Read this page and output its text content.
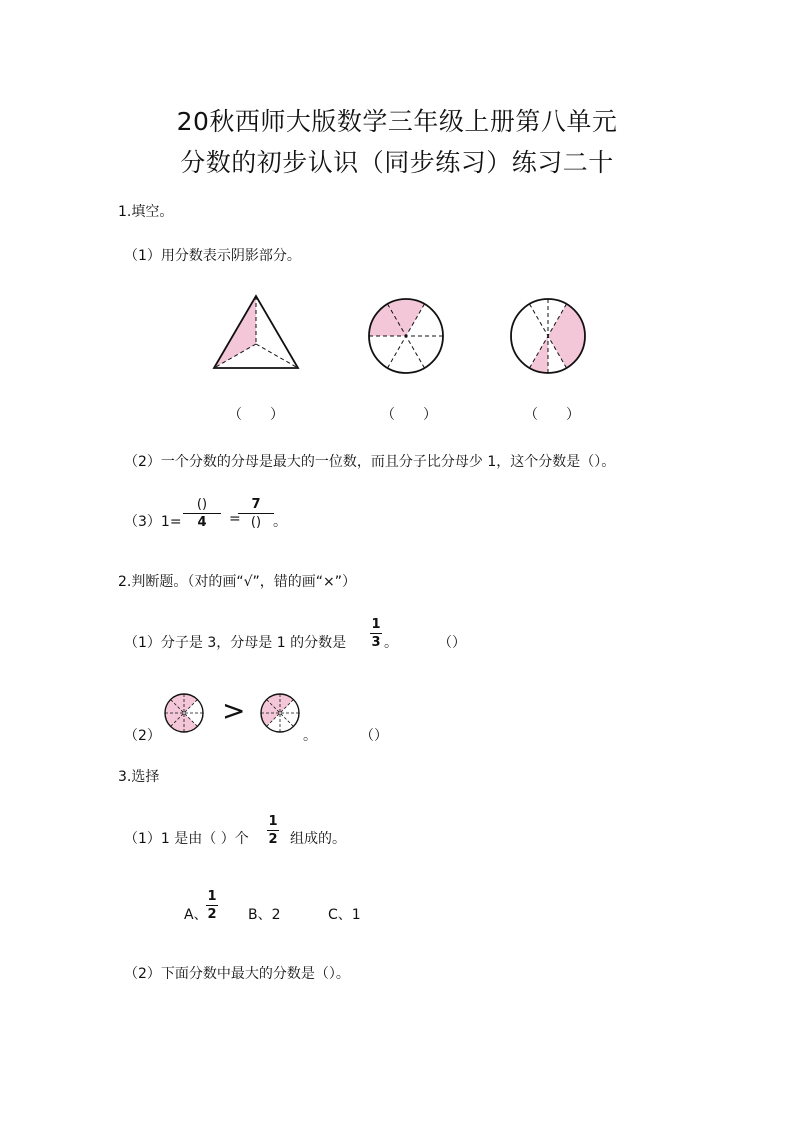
20秋西师大版数学三年级上册第八单元
分数的初步认识（同步练习）练习二十
1.填空。
（1）用分数表示阴影部分。
（　　）	（　　）	（　　）
（2）一个分数的分母是最大的一位数，而且分子比分母少 1，这个分数是（）。
（3）1=
()
4 =
7
() 。
2.判断题。（对的画“√”，错的画“×”）
（1）分子是 3，分母是 1 的分数是
1
3 。	（）
（2）
>
。	（）
3.选择
（1）1 是由（ ）个
1
2 组成的。
A、
1
2 B、2	C、1
（2）下面分数中最大的分数是（）。
